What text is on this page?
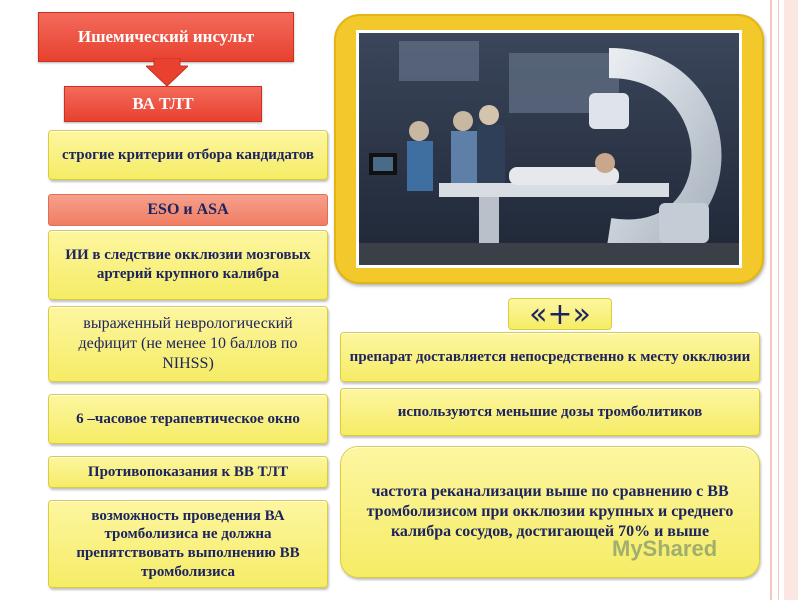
Ишемический инсульт
ВА ТЛТ
строгие критерии отбора кандидатов
ESO и ASA
ИИ в следствие окклюзии мозговых артерий крупного калибра
выраженный неврологический дефицит (не менее 10 баллов по NIHSS)
6 –часовое терапевтическое окно
Противопоказания к ВВ ТЛТ
возможность проведения ВА тромболизиса не должна препятствовать выполнению ВВ тромболизиса
«+»
препарат доставляется непосредственно к месту окклюзии
используются меньшие дозы тромболитиков
частота реканализации выше по сравнению с ВВ тромболизисом при окклюзии крупных и среднего калибра сосудов, достигающей 70% и выше
MyShared
